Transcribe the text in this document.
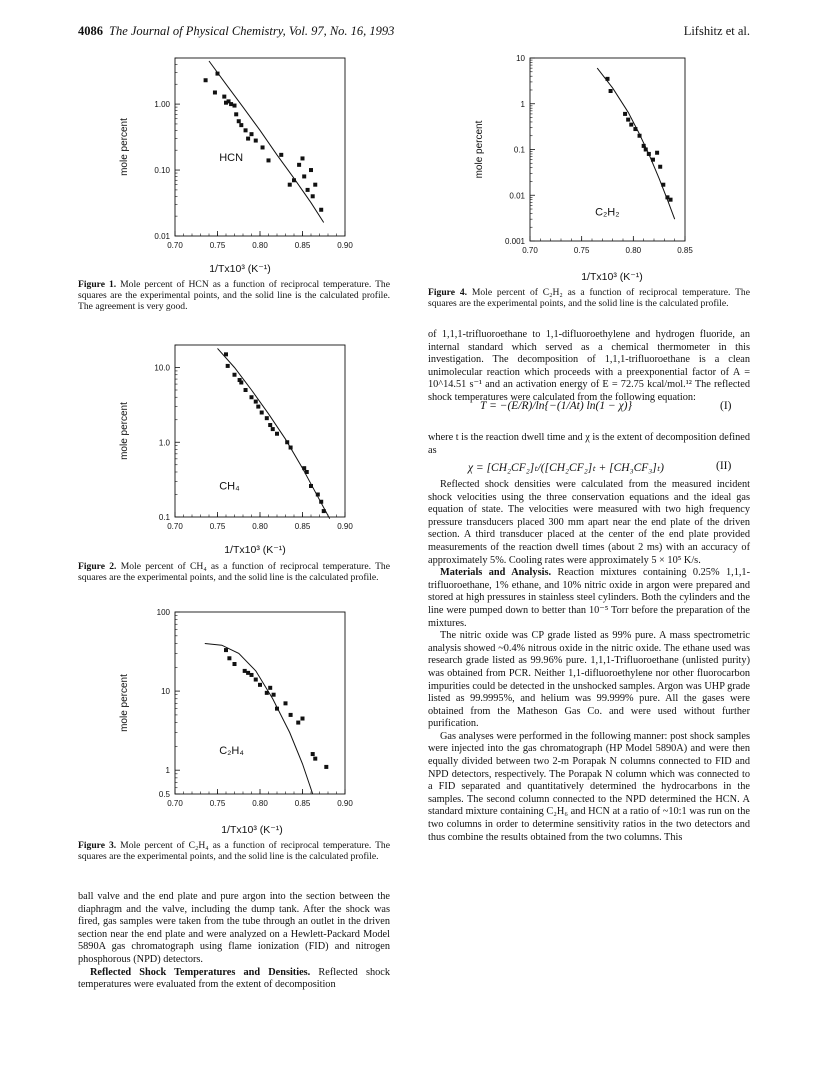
4086 The Journal of Physical Chemistry, Vol. 97, No. 16, 1993	Lifshitz et al.
0.70	0.75	0.80	0.85	0.90
0.01
0.10
1.00
mole percent	HCN
1/Tx10³ (K⁻¹)
Figure 1. Mole percent of HCN as a function of reciprocal temperature. The squares are the experimental points, and the solid line is the calculated profile. The agreement is very good.
0.70	0.75	0.80	0.85	0.90
0.1
1.0
10.0
mole percent
CH₄
1/Tx10³ (K⁻¹)
Figure 2. Mole percent of CH₄ as a function of reciprocal temperature. The squares are the experimental points, and the solid line is the calculated profile.
0.70	0.75	0.80	0.85	0.90
0.5
1
10
100
mole percent
C₂H₄
1/Tx10³ (K⁻¹)
Figure 3. Mole percent of C₂H₄ as a function of reciprocal temperature. The squares are the experimental points, and the solid line is the calculated profile.
0.70	0.75	0.80	0.85
0.001
0.01
0.1
1
10
mole percent
C₂H₂
1/Tx10³ (K⁻¹)
Figure 4. Mole percent of C₂H₂ as a function of reciprocal temperature. The squares are the experimental points, and the solid line is the calculated profile.

ball valve and the end plate and pure argon into the section between the diaphragm and the valve, including the dump tank. After the shock was fired, gas samples were taken from the tube through an outlet in the driven section near the end plate and were analyzed on a Hewlett-Packard Model 5890A gas chromatograph using flame ionization (FID) and nitrogen phosphorous (NPD) detectors.

Reflected Shock Temperatures and Densities. Reflected shock temperatures were evaluated from the extent of decomposition

of 1,1,1-trifluoroethane to 1,1-difluoroethylene and hydrogen fluoride, an internal standard which served as a chemical thermometer in this investigation. The decomposition of 1,1,1-trifluoroethane is a clean unimolecular reaction which proceeds with a preexponential factor of A = 10^14.51 s⁻¹ and an activation energy of E = 72.75 kcal/mol.¹² The reflected shock temperatures were calculated from the following equation:

T = −(E/R)/ln{−(1/At) ln(1 − χ)}	(I)

where t is the reaction dwell time and χ is the extent of decomposition defined as

χ = [CH₂CF₂]ₜ/([CH₂CF₂]ₜ + [CH₃CF₃]ₜ)	(II)

Reflected shock densities were calculated from the measured incident shock velocities using the three conservation equations and the ideal gas equation of state. The velocities were measured with two high frequency pressure transducers placed 300 mm apart near the end plate of the driven section. A third transducer placed at the center of the end plate provided measurements of the reaction dwell times (about 2 ms) with an accuracy of approximately 5%. Cooling rates were approximately 5 × 10⁵ K/s.

Materials and Analysis. Reaction mixtures containing 0.25% 1,1,1-trifluoroethane, 1% ethane, and 10% nitric oxide in argon were prepared and stored at high pressures in stainless steel cylinders. Both the cylinders and the line were pumped down to better than 10⁻⁵ Torr before the preparation of the mixtures.

The nitric oxide was CP grade listed as 99% pure. A mass spectrometric analysis showed ~0.4% nitrous oxide in the nitric oxide. The ethane used was research grade listed as 99.96% pure. 1,1,1-Trifluoroethane (unlisted purity) was obtained from PCR. Neither 1,1-difluoroethylene nor other fluorocarbon impurities could be detected in the unshocked samples. Argon was UHP grade listed as 99.9995%, and helium was 99.999% pure. All the gases were obtained from the Matheson Gas Co. and were used without further purification.

Gas analyses were performed in the following manner: post shock samples were injected into the gas chromatograph (HP Model 5890A) and were then equally divided between two 2-m Porapak N columns connected to FID and NPD detectors, respectively. The Porapak N column which was connected to a FID separated and quantitatively determined the hydrocarbons in the samples. The second column connected to the NPD determined the HCN. A standard mixture containing C₂H₆ and HCN at a ratio of ~10:1 was run on the two columns in order to determine sensitivity ratios in the two detectors and thus combine the results obtained from the two columns. This
